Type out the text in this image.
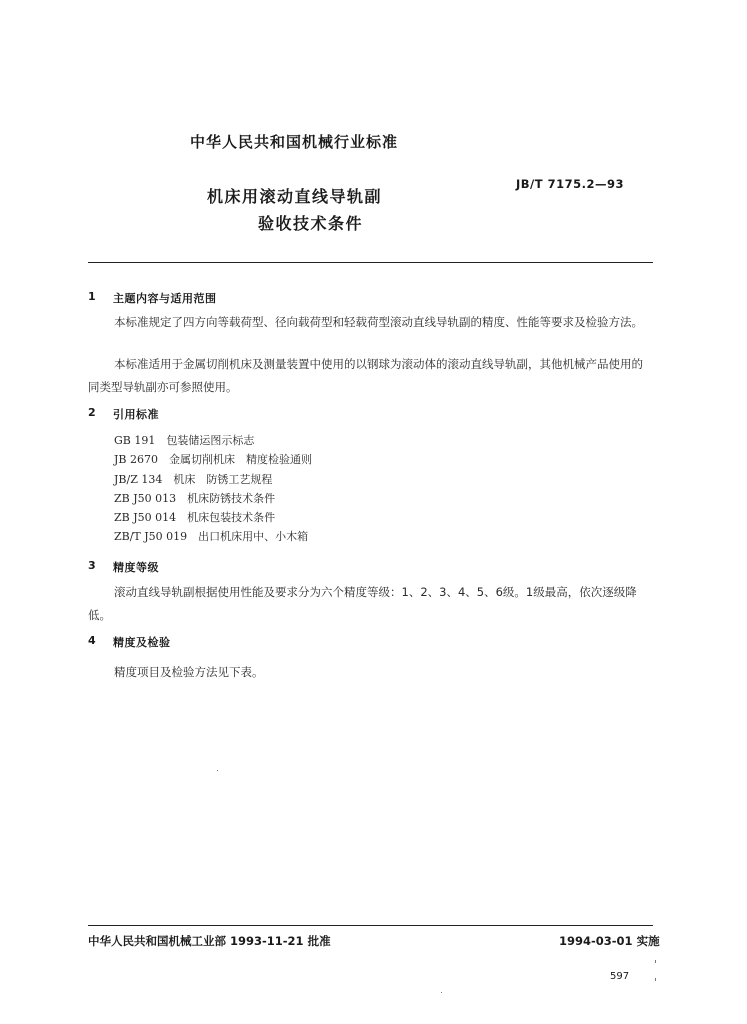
中华人民共和国机械行业标准
JB/T 7175.2—93
机床用滚动直线导轨副
验收技术条件
1 主题内容与适用范围
本标准规定了四方向等载荷型、径向载荷型和轻载荷型滚动直线导轨副的精度、性能等要求及检验方法。
本标准适用于金属切削机床及测量装置中使用的以钢球为滚动体的滚动直线导轨副，其他机械产品使用的同类型导轨副亦可参照使用。
2 引用标准
GB 191　包装储运图示标志
JB 2670　金属切削机床　精度检验通则
JB/Z 134　机床　防锈工艺规程
ZB J50 013　机床防锈技术条件
ZB J50 014　机床包装技术条件
ZB/T J50 019　出口机床用中、小木箱
3 精度等级
滚动直线导轨副根据使用性能及要求分为六个精度等级：1、2、3、4、5、6级。1级最高，依次逐级降低。
4 精度及检验
精度项目及检验方法见下表。
中华人民共和国机械工业部 1993-11-21 批准	1994-03-01 实施
597
